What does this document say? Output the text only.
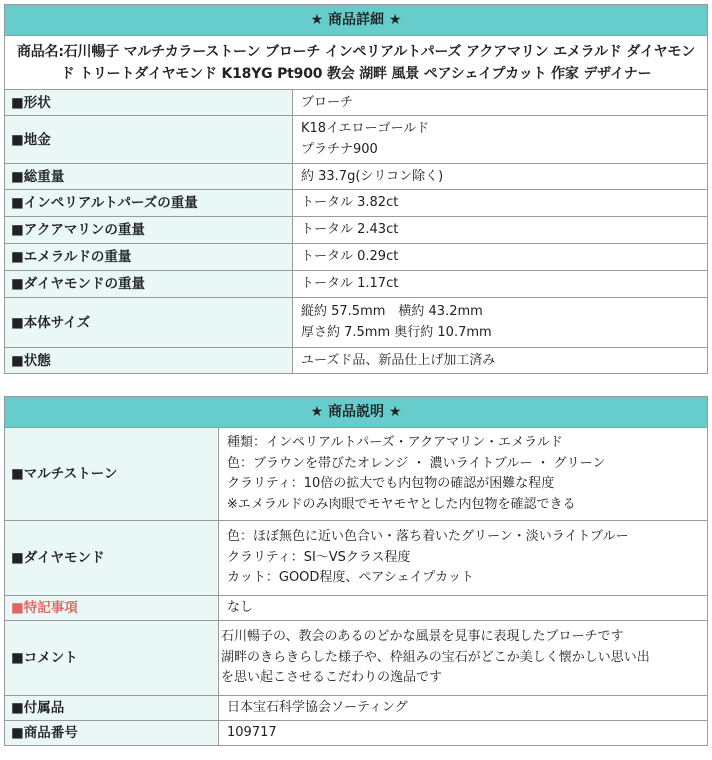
★ 商品詳細 ★	
商品名:石川暢子 マルチカラーストーン ブローチ インペリアルトパーズ アクアマリン エメラルド ダイヤモンド トリートダイヤモンド K18YG Pt900 教会 湖畔 風景 ペアシェイプカット 作家 デザイナー	
■形状	ブローチ

■地金	K18イエローゴールド
プラチナ900

■総重量	約 33.7g(シリコン除く)

■インペリアルトパーズの重量	トータル 3.82ct

■アクアマリンの重量	トータル 2.43ct

■エメラルドの重量	トータル 0.29ct

■ダイヤモンドの重量	トータル 1.17ct

■本体サイズ	縦約 57.5mm　横約 43.2mm
厚さ約 7.5mm 奥行約 10.7mm

■状態	ユーズド品、新品仕上げ加工済み
★ 商品説明 ★	
■マルチストーン	種類：インペリアルトパーズ・アクアマリン・エメラルド
色：ブラウンを帯びたオレンジ ・ 濃いライトブルー ・ グリーン
クラリティ：10倍の拡大でも内包物の確認が困難な程度
※エメラルドのみ肉眼でモヤモヤとした内包物を確認できる

■ダイヤモンド	色：ほぼ無色に近い色合い・落ち着いたグリーン・淡いライトブルー
クラリティ：SI～VSクラス程度
カット：GOOD程度、ペアシェイプカット

■特記事項	なし

■コメント	石川暢子の、教会のあるのどかな風景を見事に表現したブローチです
湖畔のきらきらした様子や、枠組みの宝石がどこか美しく懐かしい思い出
を思い起こさせるこだわりの逸品です

■付属品	日本宝石科学協会ソーティング

■商品番号	109717
